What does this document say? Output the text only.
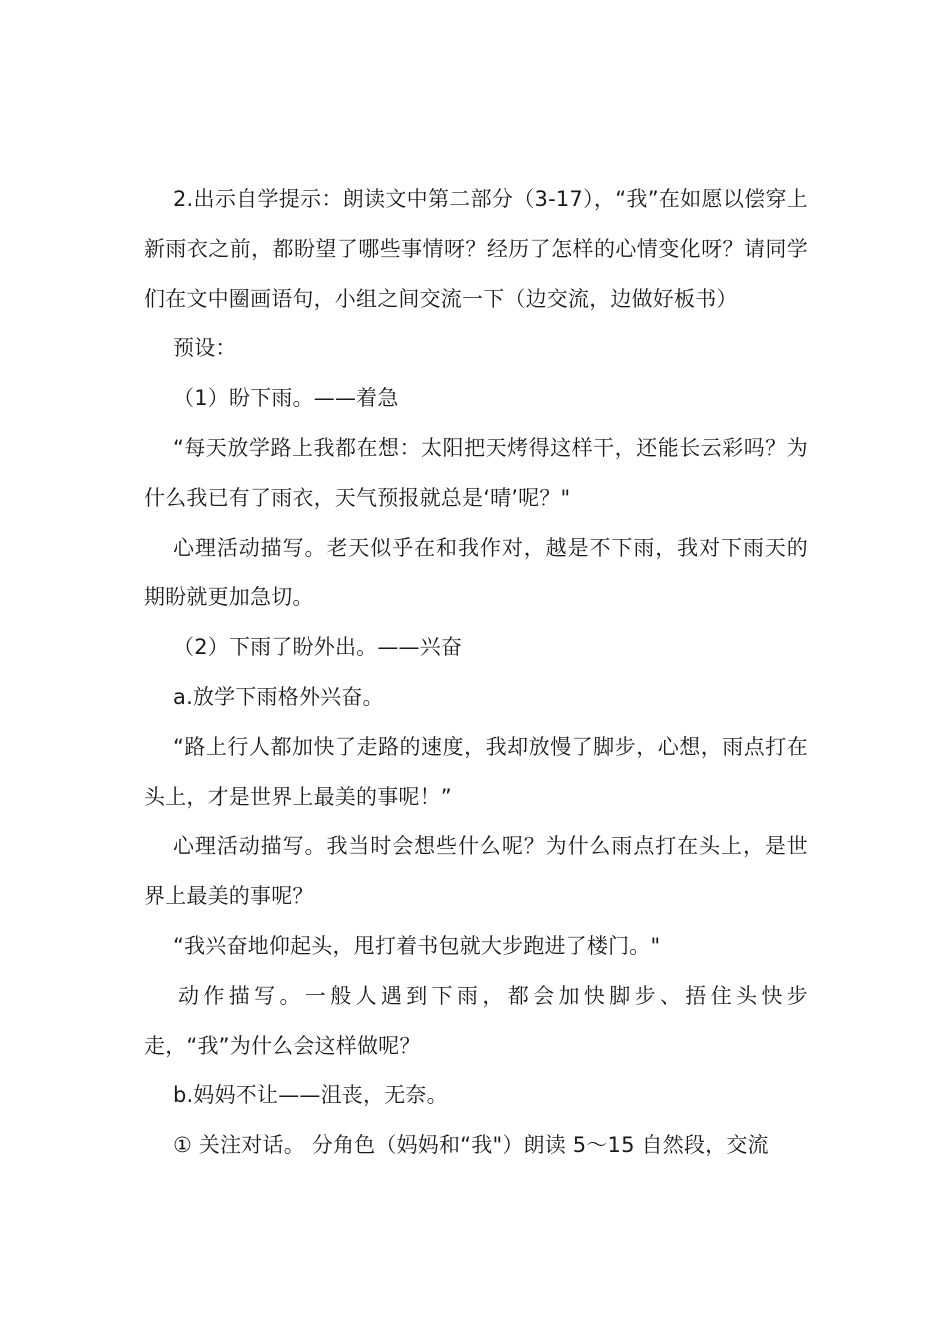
2.出示自学提示：朗读文中第二部分（3-17），“我”在如愿以偿穿上新雨衣之前，都盼望了哪些事情呀？经历了怎样的心情变化呀？请同学们在文中圈画语句，小组之间交流一下（边交流，边做好板书）

预设：

（1）盼下雨。——着急

“每天放学路上我都在想：太阳把天烤得这样干，还能长云彩吗？为什么我已有了雨衣，天气预报就总是‘晴’呢？"

心理活动描写。老天似乎在和我作对，越是不下雨，我对下雨天的期盼就更加急切。

（2）下雨了盼外出。——兴奋

a.放学下雨格外兴奋。

“路上行人都加快了走路的速度，我却放慢了脚步，心想，雨点打在头上，才是世界上最美的事呢！”

心理活动描写。我当时会想些什么呢？为什么雨点打在头上，是世界上最美的事呢？

“我兴奋地仰起头，甩打着书包就大步跑进了楼门。"

动作描写。一般人遇到下雨，都会加快脚步、捂住头快步走，“我”为什么会这样做呢？

b.妈妈不让——沮丧，无奈。

① 关注对话。 分角色（妈妈和“我"）朗读 5～15 自然段，交流
